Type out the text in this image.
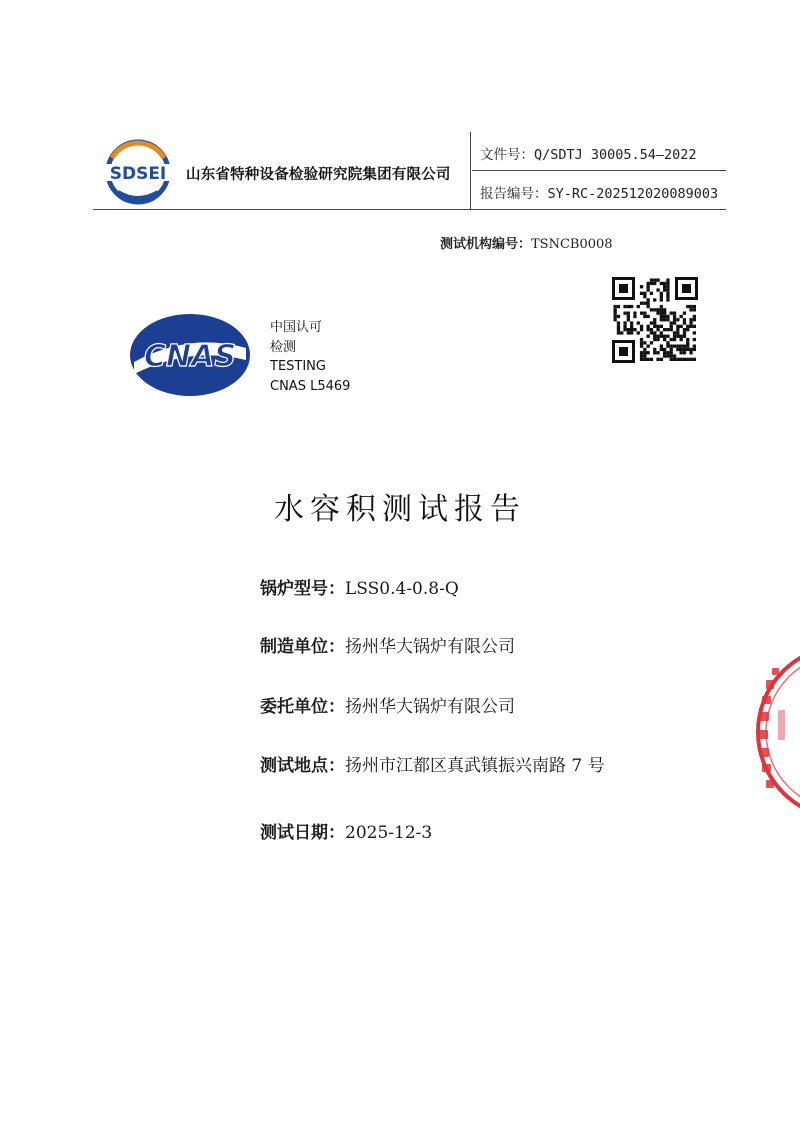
SDSEI 山东省特种设备检验研究院集团有限公司
文件号：Q/SDTJ 30005.54—2022
报告编号：SY-RC-202512020089003
测试机构编号：TSNCB0008
CNAS
中国认可
检测
TESTING
CNAS L5469
水容积测试报告
锅炉型号：LSS0.4-0.8-Q
制造单位：扬州华大锅炉有限公司
委托单位：扬州华大锅炉有限公司
测试地点：扬州市江都区真武镇振兴南路 7 号
测试日期：2025-12-3
